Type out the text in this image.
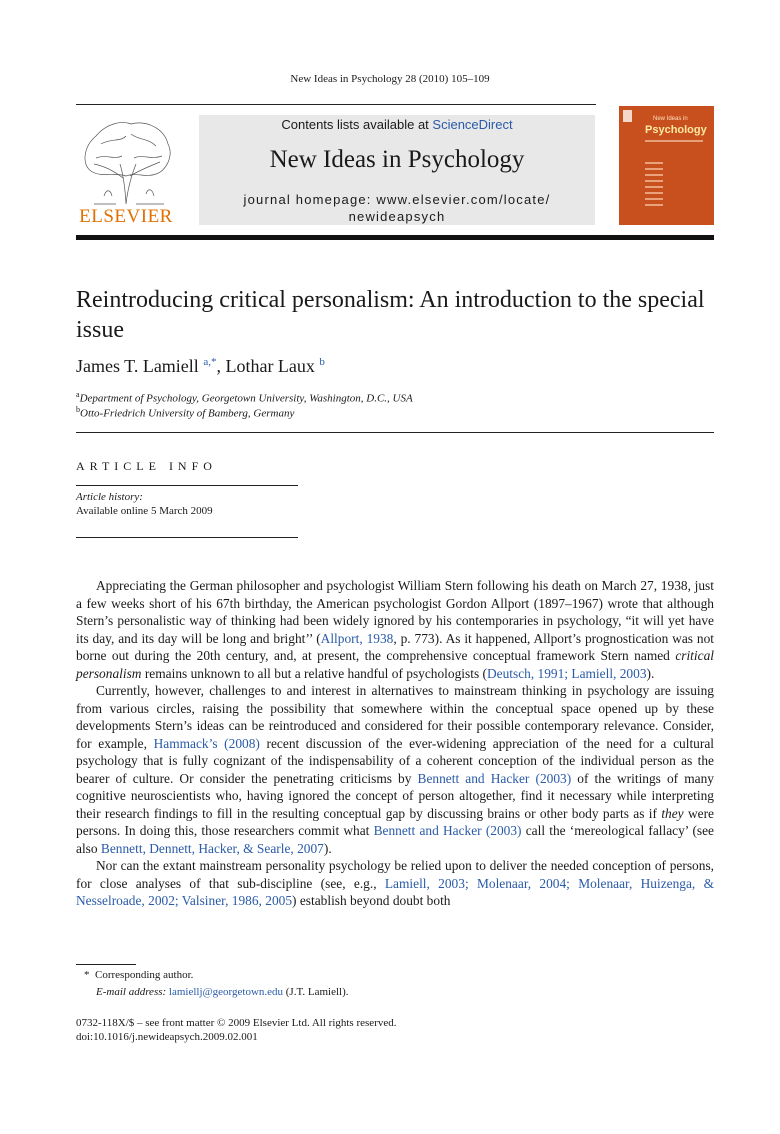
New Ideas in Psychology 28 (2010) 105–109
ELSEVIER
Contents lists available at ScienceDirect
New Ideas in Psychology
journal homepage: www.elsevier.com/locate/
newideapsych
New Ideas in
Psychology
Reintroducing critical personalism: An introduction to the special issue
James T. Lamiell $^{a,*}$, Lothar Laux $^b$
$^a$Department of Psychology, Georgetown University, Washington, D.C., USA
$^b$Otto-Friedrich University of Bamberg, Germany
ARTICLE INFO
Article history:
Available online 5 March 2009

Appreciating the German philosopher and psychologist William Stern following his death on March 27, 1938, just a few weeks short of his 67th birthday, the American psychologist Gordon Allport (1897–1967) wrote that although Stern’s personalistic way of thinking had been widely ignored by his contemporaries in psychology, “it will yet have its day, and its day will be long and bright’’ (Allport, 1938, p. 773). As it happened, Allport’s prognostication was not borne out during the 20th century, and, at present, the comprehensive conceptual framework Stern named critical personalism remains unknown to all but a relative handful of psychologists (Deutsch, 1991; Lamiell, 2003).

Currently, however, challenges to and interest in alternatives to mainstream thinking in psychology are issuing from various circles, raising the possibility that somewhere within the conceptual space opened up by these developments Stern’s ideas can be reintroduced and considered for their possible contemporary relevance. Consider, for example, Hammack’s (2008) recent discussion of the ever-widening appreciation of the need for a cultural psychology that is fully cognizant of the indispensability of a coherent conception of the individual person as the bearer of culture. Or consider the penetrating criticisms by Bennett and Hacker (2003) of the writings of many cognitive neuroscientists who, having ignored the concept of person altogether, find it necessary while interpreting their research findings to fill in the resulting conceptual gap by discussing brains or other body parts as if they were persons. In doing this, those researchers commit what Bennett and Hacker (2003) call the ‘mereological fallacy’ (see also Bennett, Dennett, Hacker, & Searle, 2007).

Nor can the extant mainstream personality psychology be relied upon to deliver the needed conception of persons, for close analyses of that sub-discipline (see, e.g., Lamiell, 2003; Molenaar, 2004; Molenaar, Huizenga, & Nesselroade, 2002; Valsiner, 1986, 2005) establish beyond doubt both

* Corresponding author.
E-mail address: lamiellj@georgetown.edu (J.T. Lamiell).
0732-118X/$ – see front matter © 2009 Elsevier Ltd. All rights reserved.
doi:10.1016/j.newideapsych.2009.02.001
